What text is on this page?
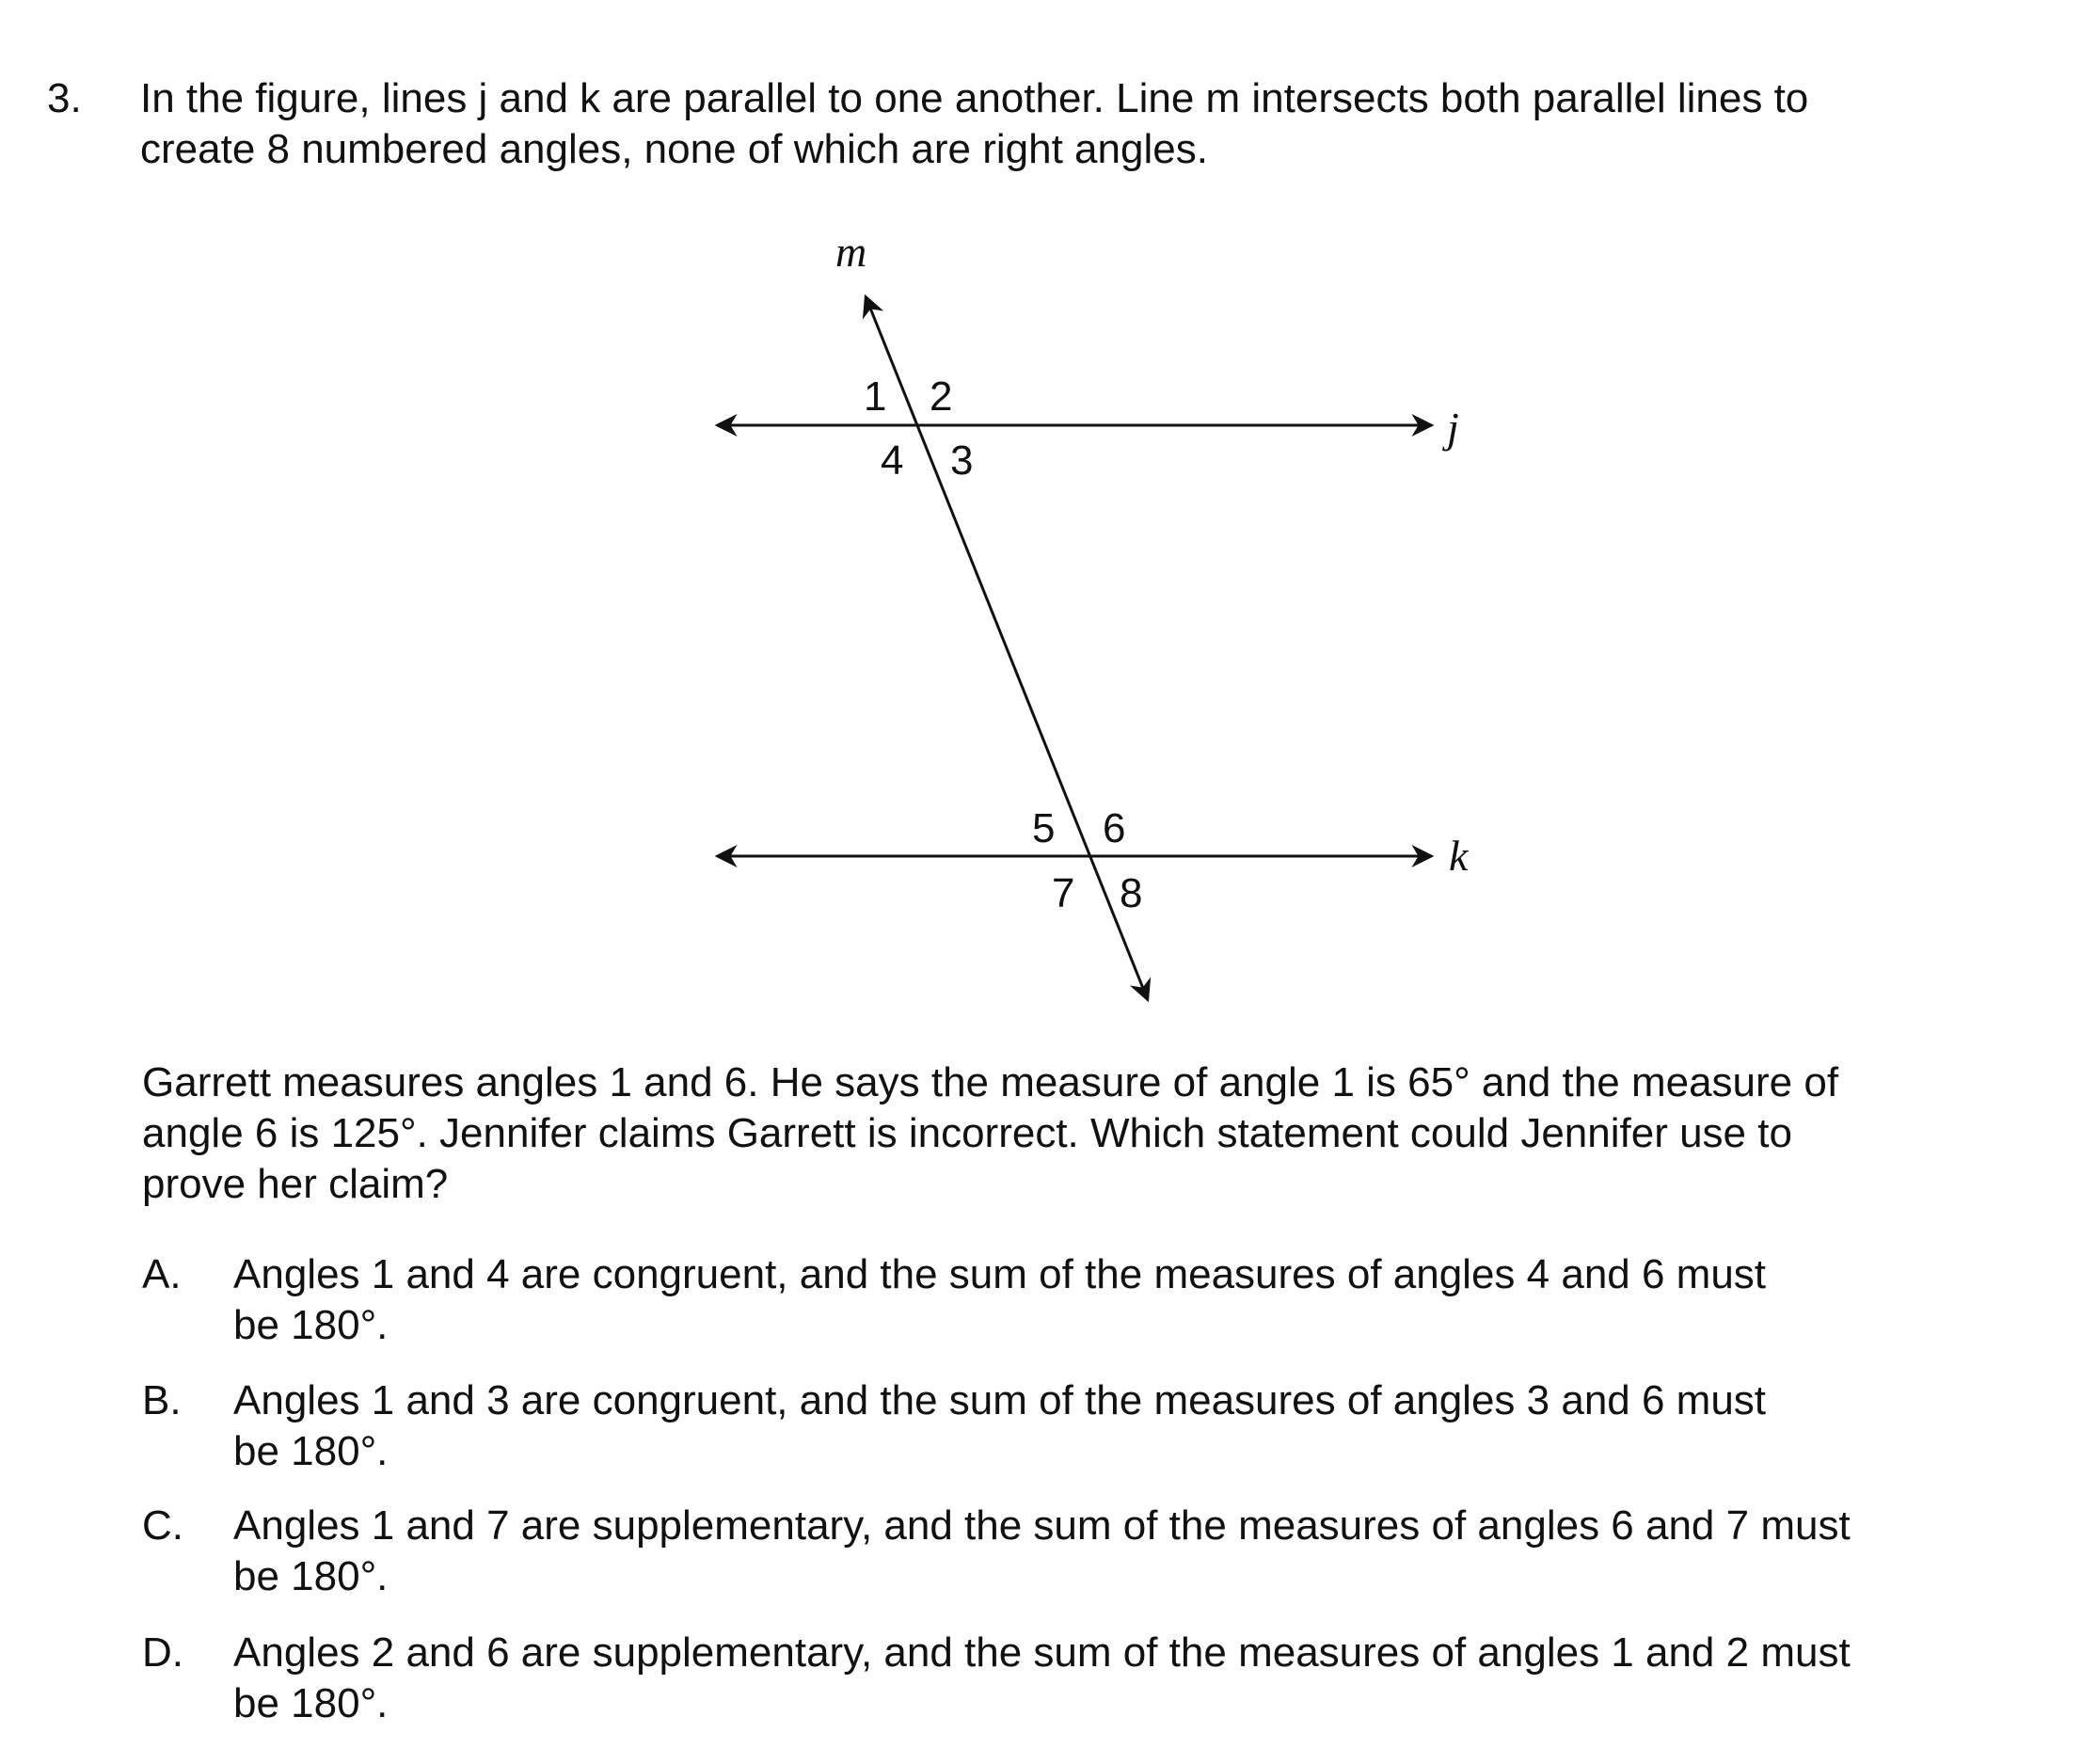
3. In the figure, lines j and k are parallel to one another. Line m intersects both parallel lines to
create 8 numbered angles, none of which are right angles.
m
j
k
1 2
3
4
5 6
7 8
Garrett measures angles 1 and 6. He says the measure of angle 1 is 65° and the measure of
angle 6 is 125°. Jennifer claims Garrett is incorrect. Which statement could Jennifer use to
prove her claim?
A. Angles 1 and 4 are congruent, and the sum of the measures of angles 4 and 6 must
be 180°.
B. Angles 1 and 3 are congruent, and the sum of the measures of angles 3 and 6 must
be 180°.
C. Angles 1 and 7 are supplementary, and the sum of the measures of angles 6 and 7 must
be 180°.
D. Angles 2 and 6 are supplementary, and the sum of the measures of angles 1 and 2 must
be 180°.
